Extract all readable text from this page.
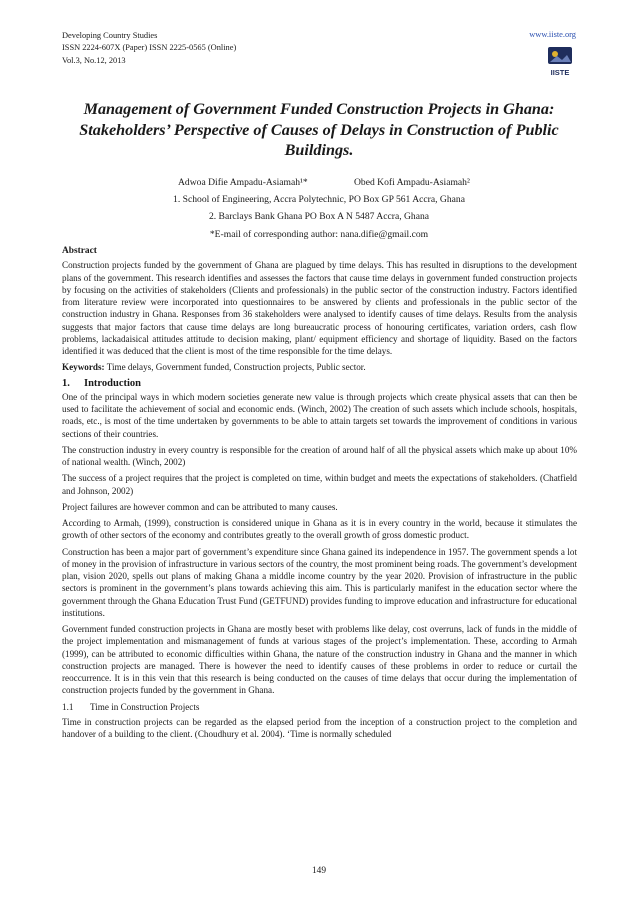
Developing Country Studies
ISSN 2224-607X (Paper) ISSN 2225-0565 (Online)
Vol.3, No.12, 2013
www.iiste.org
IISTE
Management of Government Funded Construction Projects in Ghana: Stakeholders’ Perspective of Causes of Delays in Construction of Public Buildings.
Adwoa Difie Ampadu-Asiamah¹*	Obed Kofi Ampadu-Asiamah²
1. School of Engineering, Accra Polytechnic, PO Box GP 561 Accra, Ghana
2. Barclays Bank Ghana PO Box A N 5487 Accra, Ghana
*E-mail of corresponding author: nana.difie@gmail.com
Abstract

Construction projects funded by the government of Ghana are plagued by time delays. This has resulted in disruptions to the development plans of the government. This research identifies and assesses the factors that cause time delays in government funded construction projects by focusing on the activities of stakeholders (Clients and professionals) in the public sector of the construction industry. Factors identified from literature review were incorporated into questionnaires to be answered by clients and professionals in the public sector of the construction industry in Ghana. Responses from 36 stakeholders were analysed to identify causes of time delays. Results from the analysis suggests that major factors that cause time delays are long bureaucratic process of honouring certificates, variation orders, cash flow problems, lackadaisical attitudes attitude to decision making, plant/ equipment efficiency and shortage of liquidity. Based on the factors identified it was deduced that the client is most of the time responsible for the time delays.

Keywords: Time delays, Government funded, Construction projects, Public sector.

1. Introduction

One of the principal ways in which modern societies generate new value is through projects which create physical assets that can then be used to facilitate the achievement of social and economic ends. (Winch, 2002) The creation of such assets which include schools, hospitals, roads, etc., is most of the time undertaken by governments to be able to attain targets set towards the improvement of conditions in various sections of their countries.

The construction industry in every country is responsible for the creation of around half of all the physical assets which make up about 10% of national wealth. (Winch, 2002)

The success of a project requires that the project is completed on time, within budget and meets the expectations of stakeholders. (Chatfield and Johnson, 2002)

Project failures are however common and can be attributed to many causes.

According to Armah, (1999), construction is considered unique in Ghana as it is in every country in the world, because it stimulates the growth of other sectors of the economy and contributes greatly to the overall growth of gross domestic product.

Construction has been a major part of government’s expenditure since Ghana gained its independence in 1957. The government spends a lot of money in the provision of infrastructure in various sectors of the country, the most prominent being roads. The government’s development plan, vision 2020, spells out plans of making Ghana a middle income country by the year 2020. Provision of infrastructure in the public sectors is prominent in the government’s plans towards achieving this aim. This is particularly manifest in the education sector where the government through the Ghana Education Trust Fund (GETFUND) provides funding to improve education and infrastructure for educational institutions.

Government funded construction projects in Ghana are mostly beset with problems like delay, cost overruns, lack of funds in the middle of the project implementation and mismanagement of funds at various stages of the project’s implementation. These, according to Armah (1999), can be attributed to economic difficulties within Ghana, the nature of the construction industry in Ghana and the manner in which construction projects are managed. There is however the need to identify causes of these problems in order to reduce or curtail the reoccurrence. It is in this vein that this research is being conducted on the causes of time delays that occur during the implementation of construction projects funded by the government in Ghana.

1.1 Time in Construction Projects

Time in construction projects can be regarded as the elapsed period from the inception of a construction project to the completion and handover of a building to the client. (Choudhury et al. 2004). ‘Time is normally scheduled

149
